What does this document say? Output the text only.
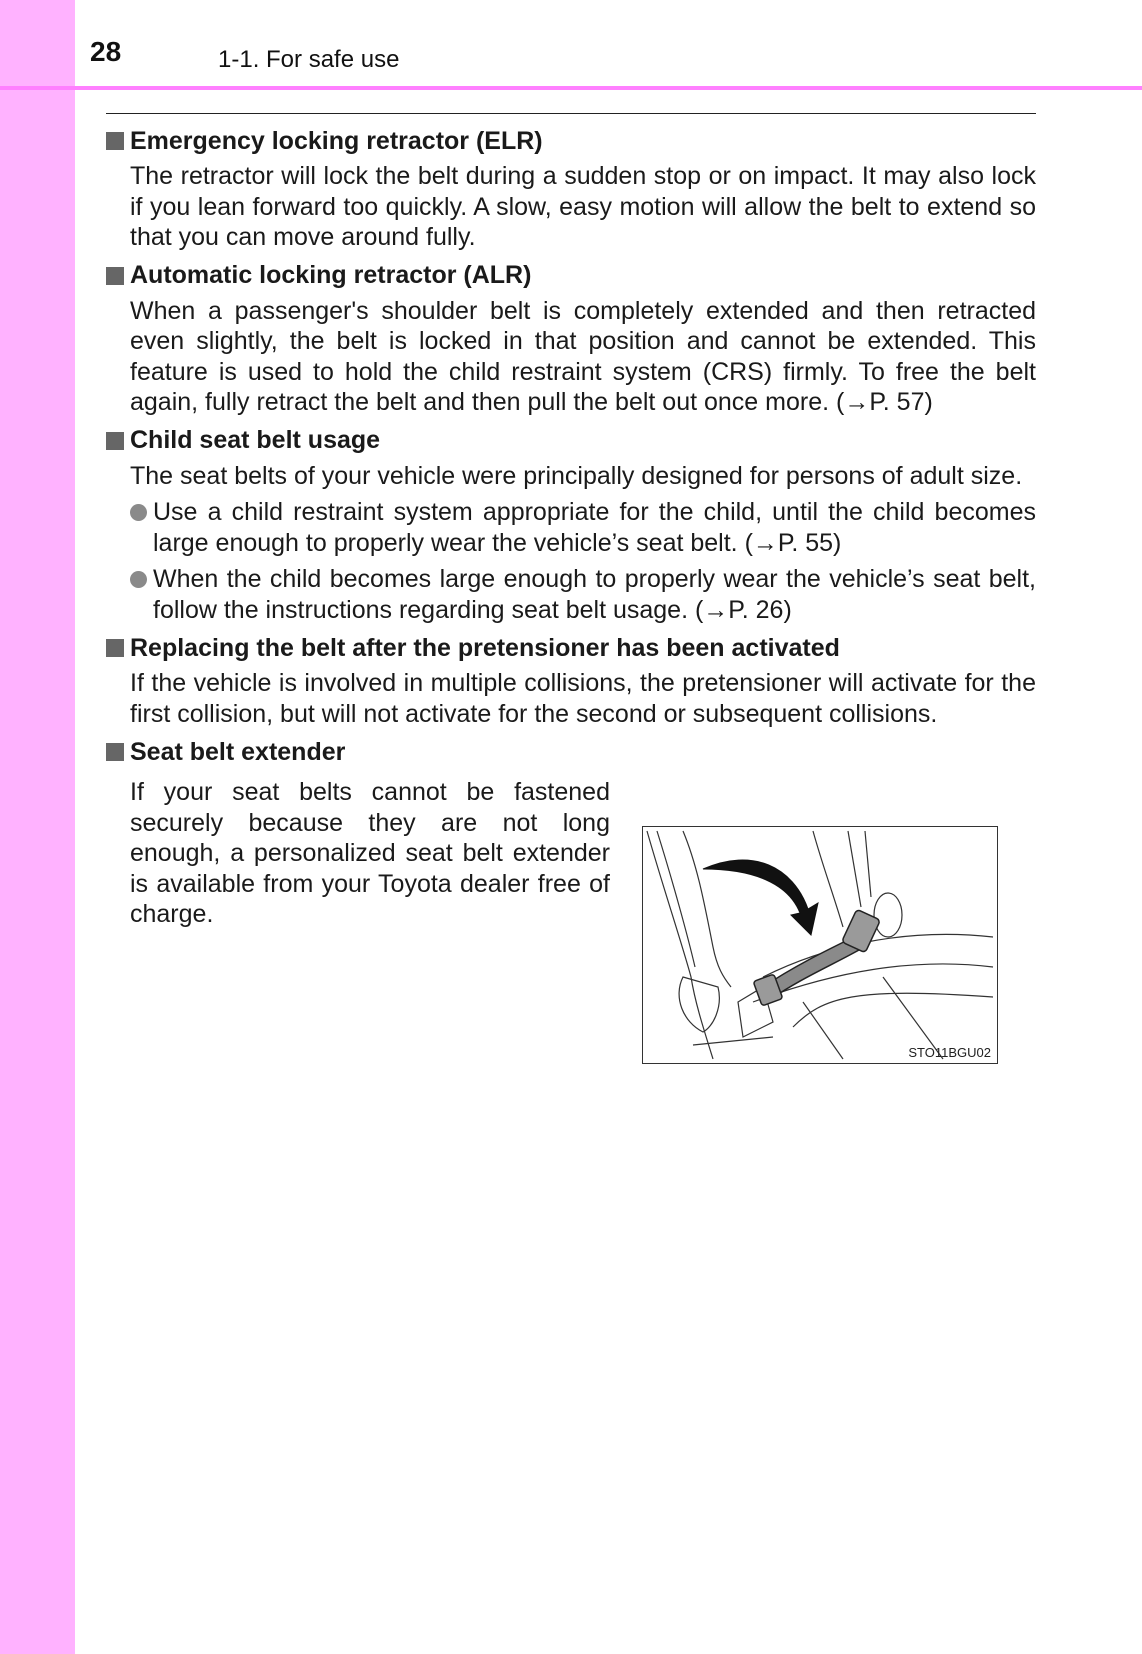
28	1-1. For safe use
Emergency locking retractor (ELR)

The retractor will lock the belt during a sudden stop or on impact. It may also lock if you lean forward too quickly. A slow, easy motion will allow the belt to extend so that you can move around fully.

Automatic locking retractor (ALR)

When a passenger's shoulder belt is completely extended and then retracted even slightly, the belt is locked in that position and cannot be extended. This feature is used to hold the child restraint system (CRS) firmly. To free the belt again, fully retract the belt and then pull the belt out once more. (→P. 57)

Child seat belt usage

The seat belts of your vehicle were principally designed for persons of adult size.

Use a child restraint system appropriate for the child, until the child becomes large enough to properly wear the vehicle’s seat belt. (→P. 55)
When the child becomes large enough to properly wear the vehicle’s seat belt, follow the instructions regarding seat belt usage. (→P. 26)
Replacing the belt after the pretensioner has been activated

If the vehicle is involved in multiple collisions, the pretensioner will activate for the first collision, but will not activate for the second or subsequent collisions.

Seat belt extender
If your seat belts cannot be fastened securely because they are not long enough, a personalized seat belt extender is available from your Toyota dealer free of charge.
STO11BGU02
